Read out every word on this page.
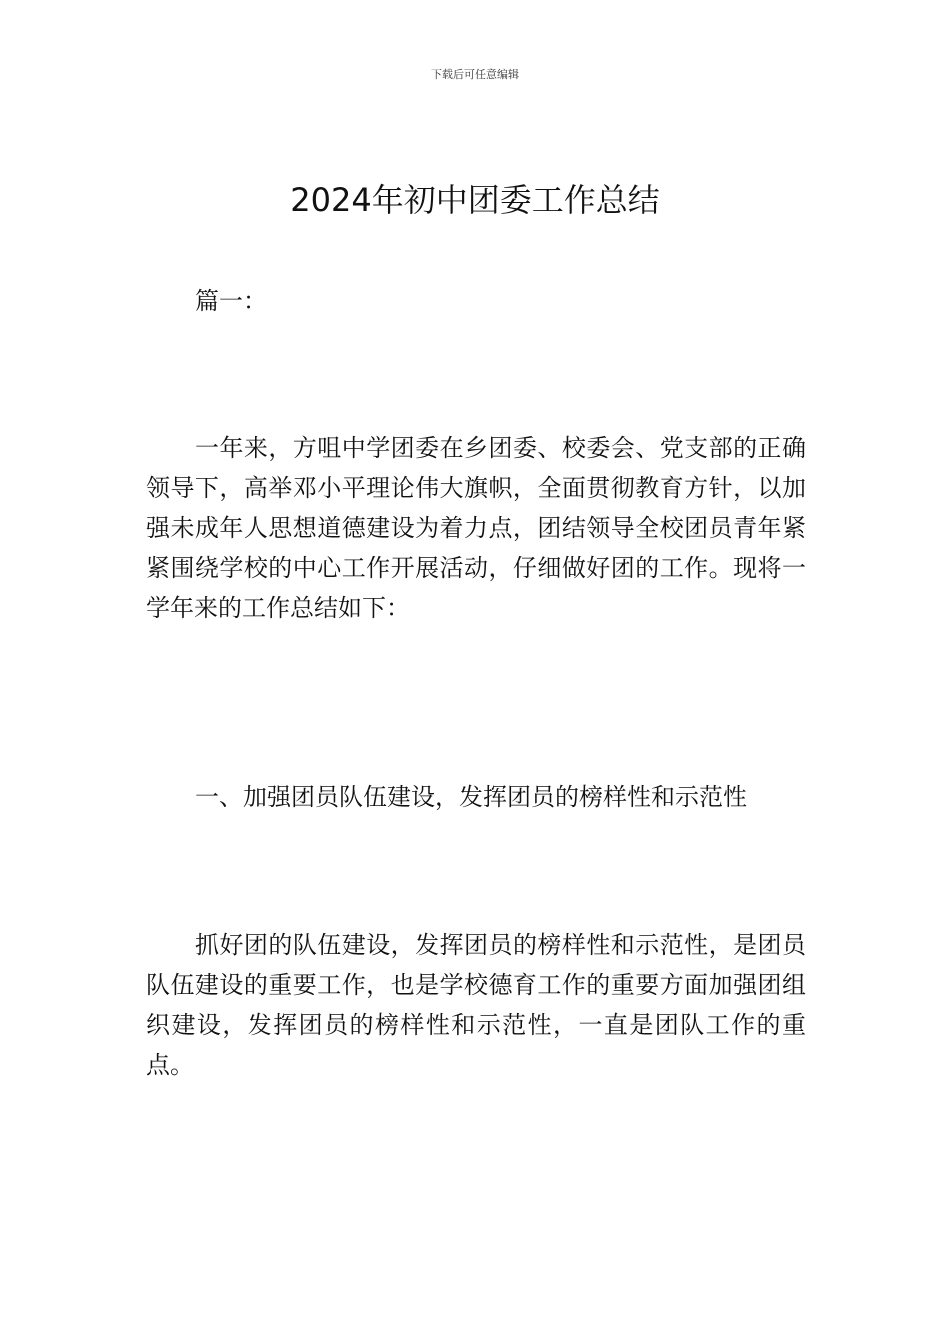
下载后可任意编辑
2024年初中团委工作总结

篇一：

一年来，方咀中学团委在乡团委、校委会、党支部的正确领导下，高举邓小平理论伟大旗帜，全面贯彻教育方针，以加强未成年人思想道德建设为着力点，团结领导全校团员青年紧紧围绕学校的中心工作开展活动，仔细做好团的工作。现将一学年来的工作总结如下：

一、加强团员队伍建设，发挥团员的榜样性和示范性

抓好团的队伍建设，发挥团员的榜样性和示范性，是团员队伍建设的重要工作，也是学校德育工作的重要方面加强团组织建设，发挥团员的榜样性和示范性，一直是团队工作的重点。
